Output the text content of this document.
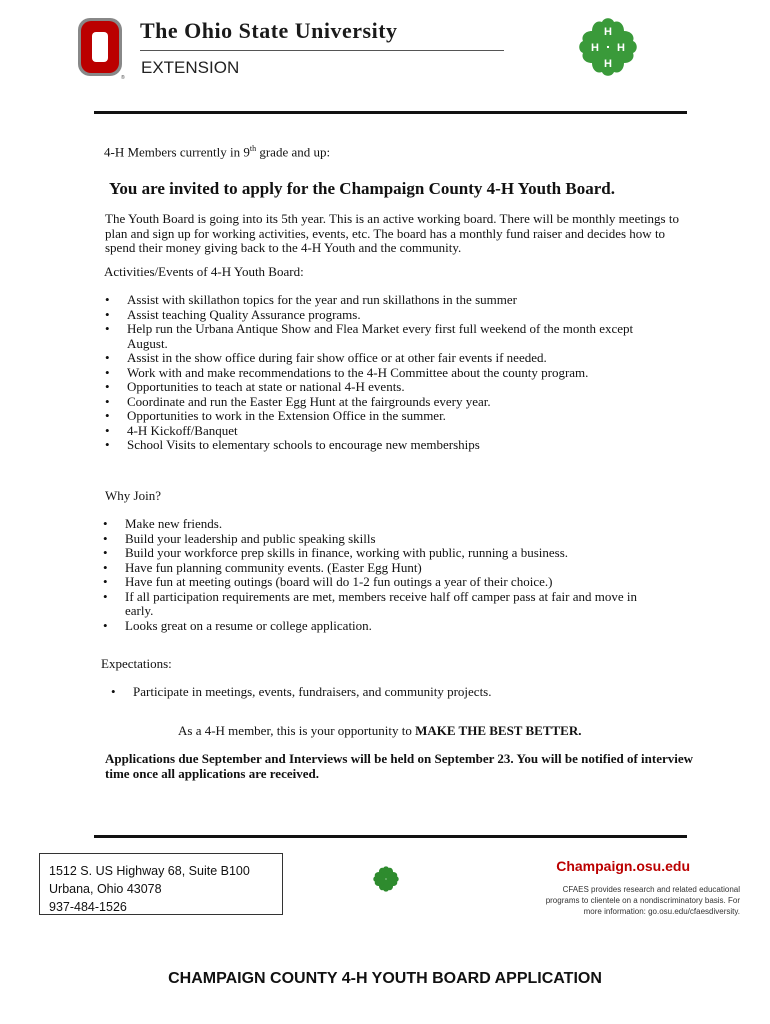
®
The Ohio State University
EXTENSION
H
H H
H
4-H Members currently in 9th grade and up:
You are invited to apply for the Champaign County 4-H Youth Board.
The Youth Board is going into its 5th year. This is an active working board. There will be monthly meetings to plan and sign up for working activities, events, etc. The board has a monthly fund raiser and decides how to spend their money giving back to the 4-H Youth and the community.
Activities/Events of 4-H Youth Board:
• Assist with skillathon topics for the year and run skillathons in the summer
• Assist teaching Quality Assurance programs.
• Help run the Urbana Antique Show and Flea Market every first full weekend of the month except August.
• Assist in the show office during fair show office or at other fair events if needed.
• Work with and make recommendations to the 4-H Committee about the county program.
• Opportunities to teach at state or national 4-H events.
• Coordinate and run the Easter Egg Hunt at the fairgrounds every year.
• Opportunities to work in the Extension Office in the summer.
• 4-H Kickoff/Banquet
• School Visits to elementary schools to encourage new memberships
Why Join?
• Make new friends.
• Build your leadership and public speaking skills
• Build your workforce prep skills in finance, working with public, running a business.
• Have fun planning community events. (Easter Egg Hunt)
• Have fun at meeting outings (board will do 1-2 fun outings a year of their choice.)
• If all participation requirements are met, members receive half off camper pass at fair and move in early.
• Looks great on a resume or college application.
Expectations:
• Participate in meetings, events, fundraisers, and community projects.
As a 4-H member, this is your opportunity to MAKE THE BEST BETTER.
Applications due September and Interviews will be held on September 23. You will be notified of interview time once all applications are received.
1512 S. US Highway 68, Suite B100
Urbana, Ohio 43078
937-484-1526
Champaign.osu.edu
CFAES provides research and related educational
programs to clientele on a nondiscriminatory basis. For
more information: go.osu.edu/cfaesdiversity.
CHAMPAIGN COUNTY 4-H YOUTH BOARD APPLICATION
